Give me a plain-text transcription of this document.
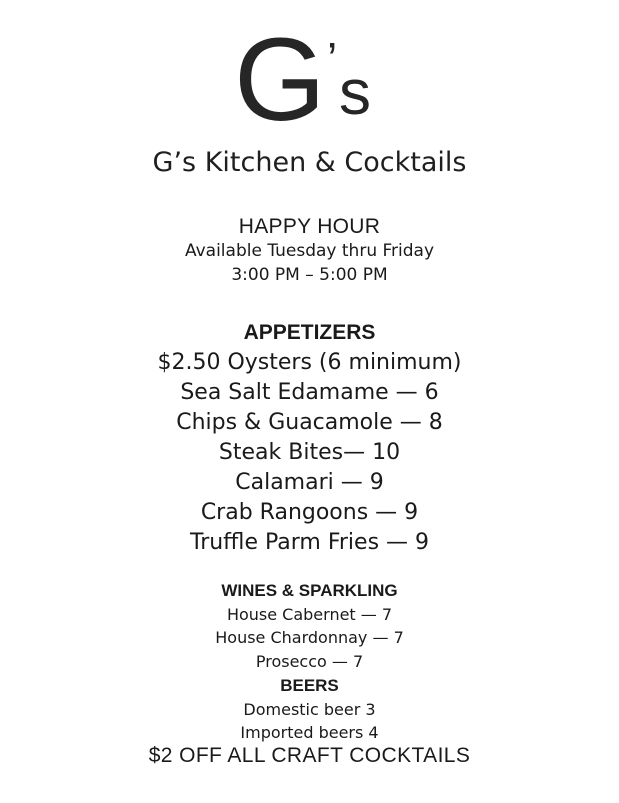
G ’ s
G’s Kitchen & Cocktails
HAPPY HOUR
Available Tuesday thru Friday
3:00 PM – 5:00 PM
APPETIZERS
$2.50 Oysters (6 minimum)
Sea Salt Edamame — 6
Chips & Guacamole — 8
Steak Bites— 10
Calamari — 9
Crab Rangoons — 9
Truffle Parm Fries — 9
WINES & SPARKLING
House Cabernet — 7
House Chardonnay — 7
Prosecco — 7
BEERS
Domestic beer 3
Imported beers 4
$2 OFF ALL CRAFT COCKTAILS
